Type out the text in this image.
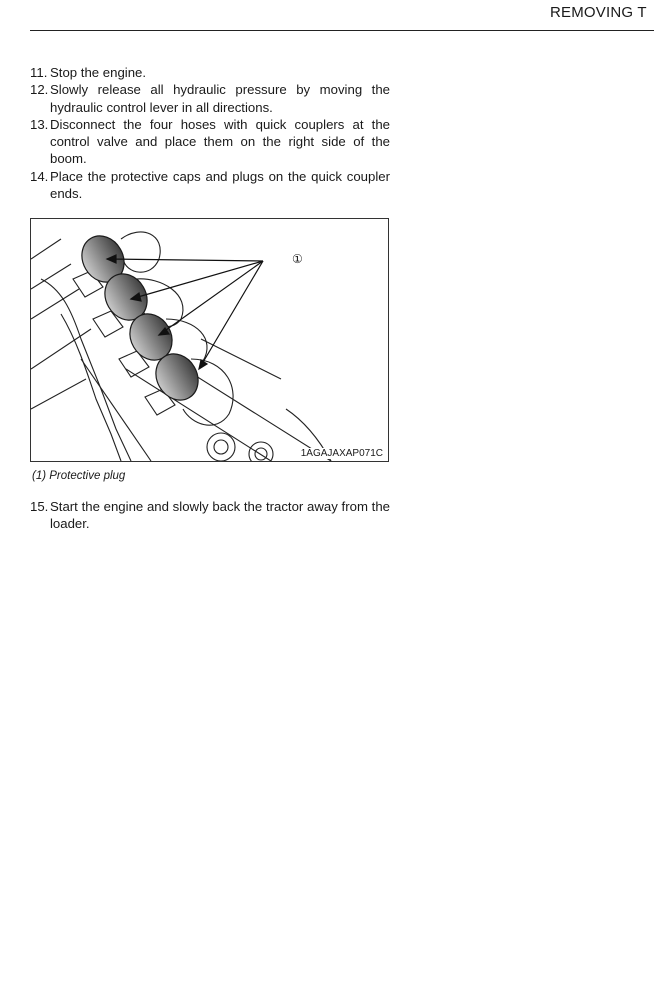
REMOVING T
11. Stop the engine.
12. Slowly release all hydraulic pressure by moving the hydraulic control lever in all directions.
13. Disconnect the four hoses with quick couplers at the control valve and place them on the right side of the boom.
14. Place the protective caps and plugs on the quick coupler ends.
①
1AGAJAXAP071C
(1) Protective plug
15. Start the engine and slowly back the tractor away from the loader.
